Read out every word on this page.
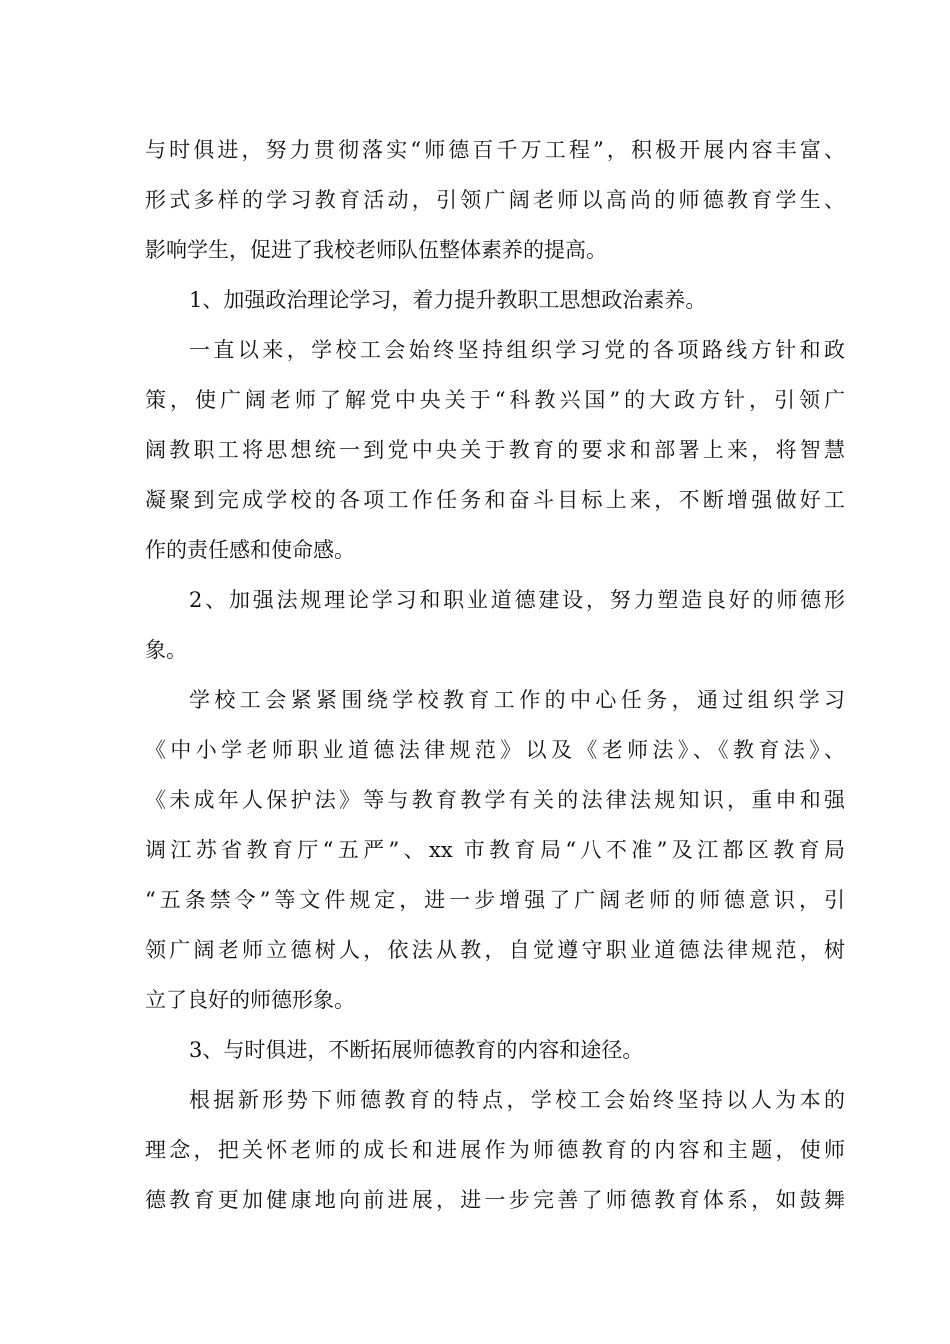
与时俱进，努力贯彻落实“师德百千万工程”，积极开展内容丰富、

形式多样的学习教育活动，引领广阔老师以高尚的师德教育学生、

影响学生，促进了我校老师队伍整体素养的提高。

1、加强政治理论学习，着力提升教职工思想政治素养。

一直以来，学校工会始终坚持组织学习党的各项路线方针和政

策，使广阔老师了解党中央关于“科教兴国”的大政方针，引领广

阔教职工将思想统一到党中央关于教育的要求和部署上来，将智慧

凝聚到完成学校的各项工作任务和奋斗目标上来，不断增强做好工

作的责任感和使命感。

2、加强法规理论学习和职业道德建设，努力塑造良好的师德形

象。

学校工会紧紧围绕学校教育工作的中心任务，通过组织学习

《中小学老师职业道德法律规范》以及《老师法》、《教育法》、

《未成年人保护法》等与教育教学有关的法律法规知识，重申和强

调江苏省教育厅“五严”、xx 市教育局“八不准”及江都区教育局

“五条禁令”等文件规定，进一步增强了广阔老师的师德意识，引

领广阔老师立德树人，依法从教，自觉遵守职业道德法律规范，树

立了良好的师德形象。

3、与时俱进，不断拓展师德教育的内容和途径。

根据新形势下师德教育的特点，学校工会始终坚持以人为本的

理念，把关怀老师的成长和进展作为师德教育的内容和主题，使师

德教育更加健康地向前进展，进一步完善了师德教育体系，如鼓舞
